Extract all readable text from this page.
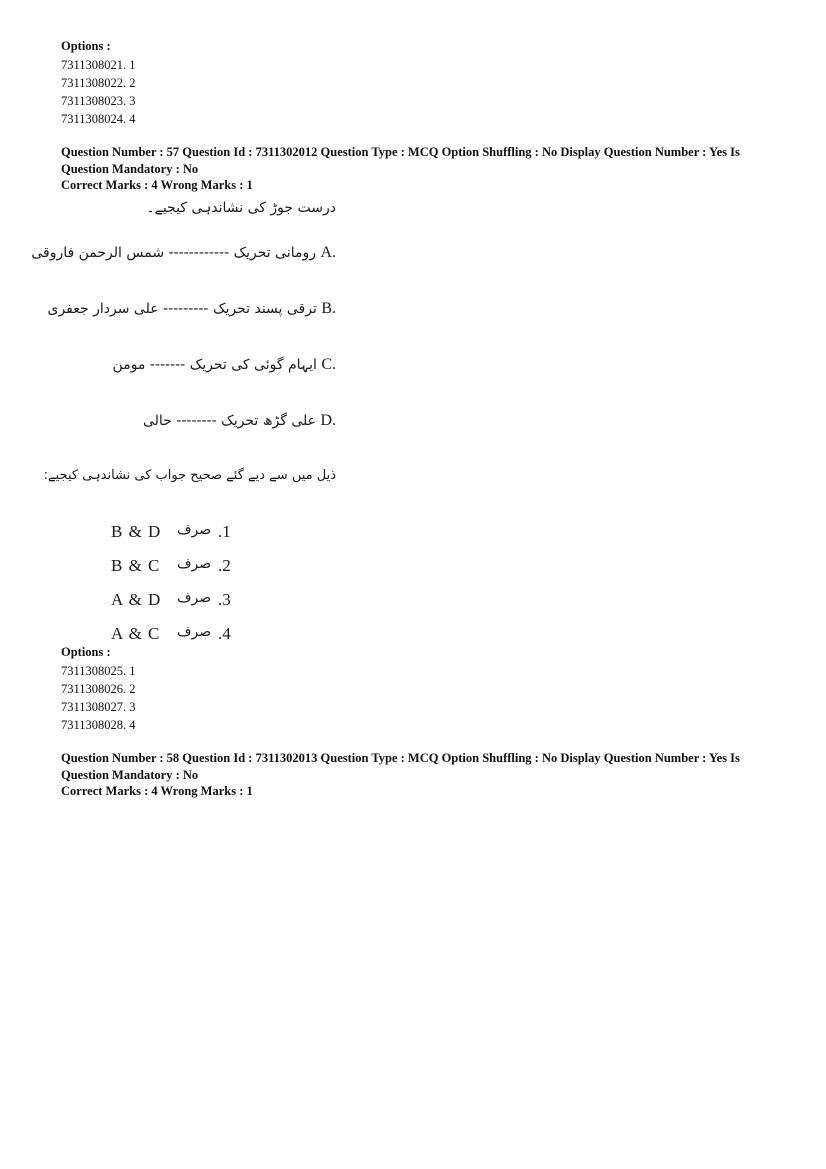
Options :
7311308021. 1
7311308022. 2
7311308023. 3
7311308024. 4
Question Number : 57 Question Id : 7311302012 Question Type : MCQ Option Shuffling : No Display Question Number : Yes Is
Question Mandatory : No
Correct Marks : 4 Wrong Marks : 1
درست جوڑ کی نشاندہی کیجیے۔
A. رومانی تحریک ------------ شمس الرحمن فاروقی
B. ترقی پسند تحریک --------- علی سردار جعفری
C. ایہام گوئی کی تحریک ------- مومن
D. علی گڑھ تحریک -------- حالی
ذیل میں سے دیے گئے صحیح جواب کی نشاندہی کیجیے:
B & D صرف .1
B & C صرف .2
A & D صرف .3
A & C صرف .4
Options :
7311308025. 1
7311308026. 2
7311308027. 3
7311308028. 4
Question Number : 58 Question Id : 7311302013 Question Type : MCQ Option Shuffling : No Display Question Number : Yes Is
Question Mandatory : No
Correct Marks : 4 Wrong Marks : 1
